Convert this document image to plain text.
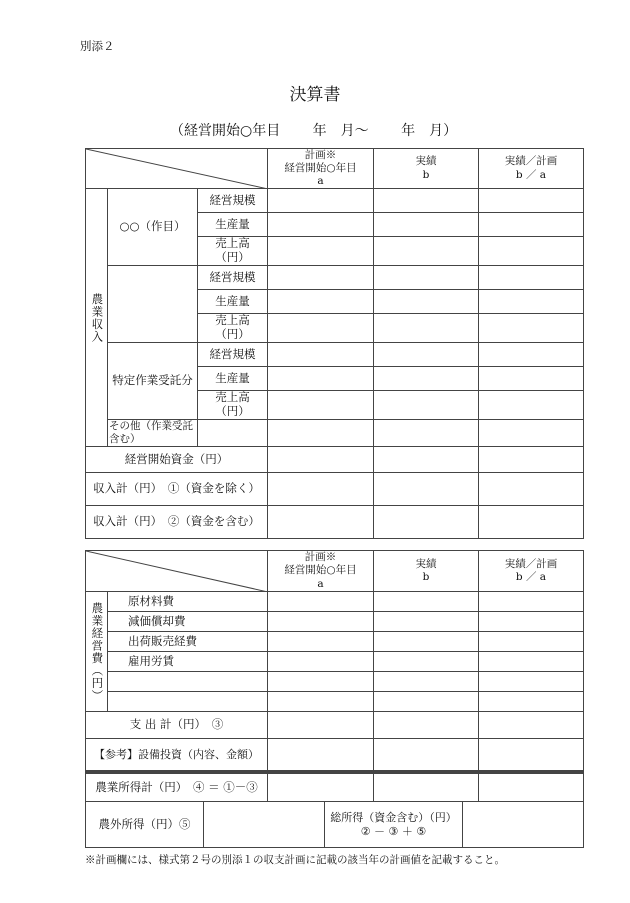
別添２
決算書
（経営開始○年目　　 年　月～　　 年　月）
計画※
経営開始○年目
a
実績
b
実績／計画
b ／ a
農業収入
○○（作目）
経営規模
生産量
売上高（円）
経営規模
生産量
売上高（円）
特定作業受託分
経営規模
生産量
売上高（円）
その他（作業受託含む）
経営開始資金（円）
収入計（円）　①（資金を除く）
収入計（円）　②（資金を含む）
計画※
経営開始○年目
a
実績
b
実績／計画
b ／ a
農業経営費（円）
原材料費
減価償却費
出荷販売経費
雇用労賃
支 出 計（円）　③
【参考】設備投資（内容、金額）
農業所得計（円）　④ ＝ ①－③
農外所得（円）⑤	総所得（資金含む）（円）
② － ③ ＋ ⑤
※計画欄には、様式第２号の別添１の収支計画に記載の該当年の計画値を記載すること。
